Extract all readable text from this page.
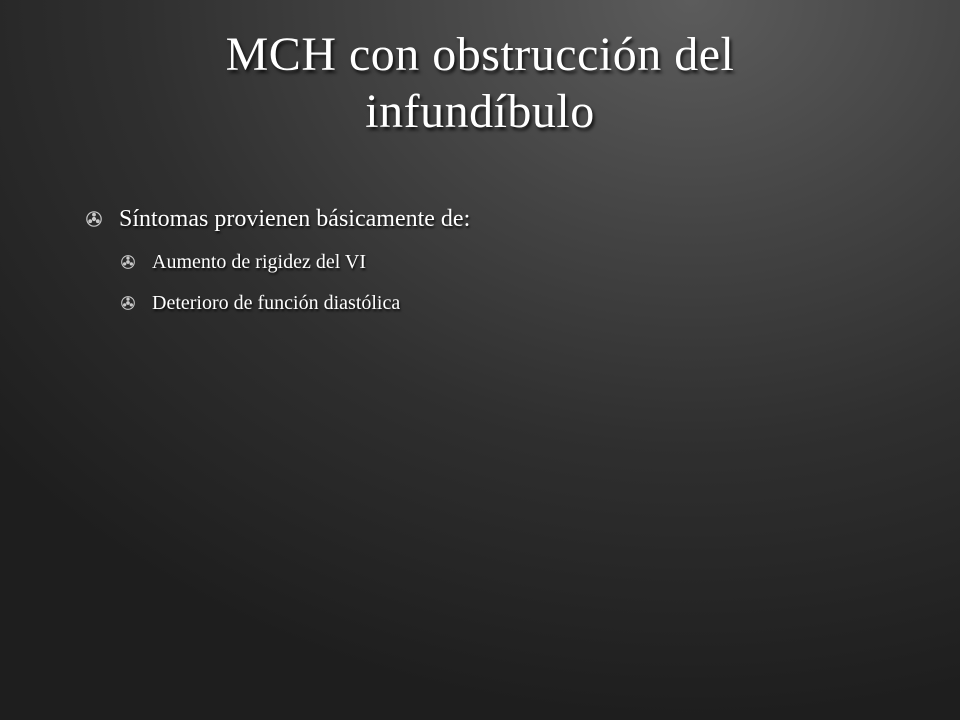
MCH con obstrucción del
infundíbulo
Síntomas provienen básicamente de:
Aumento de rigidez del VI
Deterioro de función diastólica
